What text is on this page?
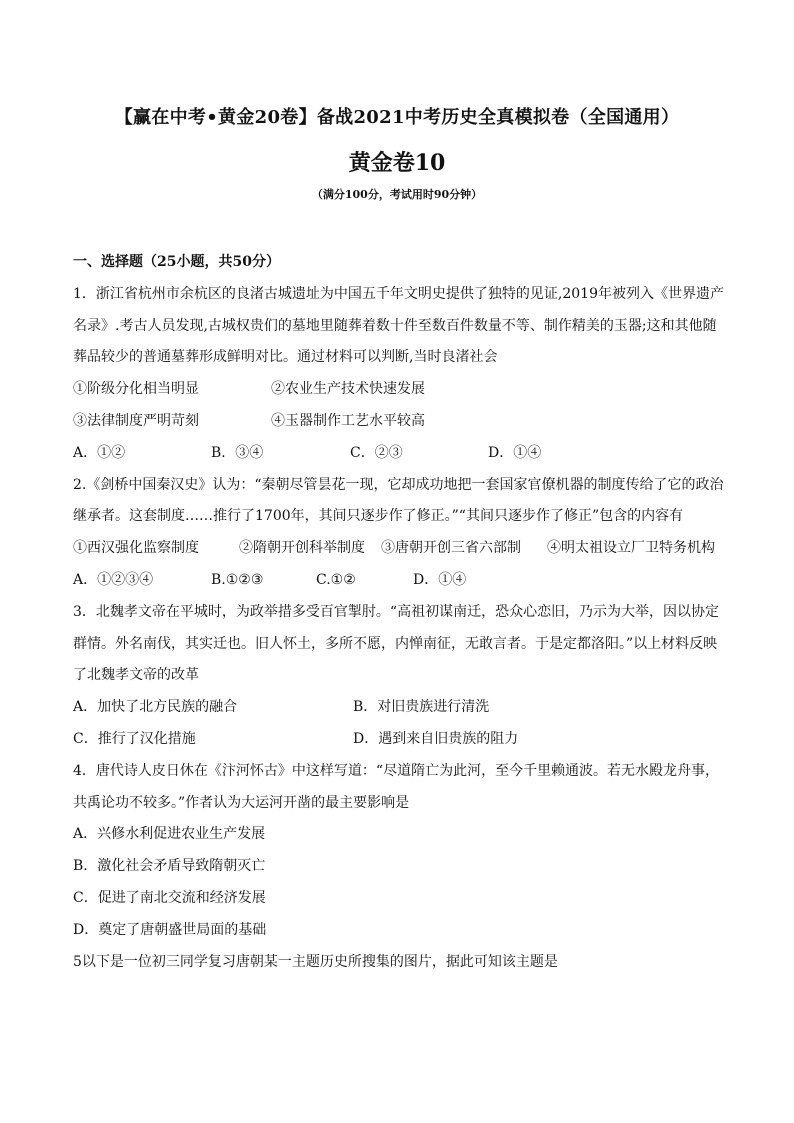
【赢在中考•黄金20卷】备战2021中考历史全真模拟卷（全国通用）
黄金卷10
（满分100分，考试用时90分钟）
一、选择题（25小题，共50分）
1．浙江省杭州市余杭区的良渚古城遗址为中国五千年文明史提供了独特的见证,2019年被列入《世界遗产
名录》.考古人员发现,古城权贵们的墓地里随葬着数十件至数百件数量不等、制作精美的玉器;这和其他随
葬品较少的普通墓葬形成鲜明对比。通过材料可以判断,当时良渚社会
①阶级分化相当明显	②农业生产技术快速发展
③法律制度严明苛刻	④玉器制作工艺水平较高
A．①②	B．③④	C．②③	D．①④
2.《剑桥中国秦汉史》认为：“秦朝尽管昙花一现，它却成功地把一套国家官僚机器的制度传给了它的政治
继承者。这套制度……推行了1700年，其间只逐步作了修正。”“其间只逐步作了修正”包含的内容有
①西汉强化监察制度	②隋朝开创科举制度	③唐朝开创三省六部制	④明太祖设立厂卫特务机构
A．①②③④	B.①②③	C.①②	D．①④
3．北魏孝文帝在平城时，为政举措多受百官掣肘。“高祖初谋南迁，恐众心恋旧，乃示为大举，因以协定
群情。外名南伐，其实迁也。旧人怀土，多所不愿，内惮南征，无敢言者。于是定都洛阳。”以上材料反映
了北魏孝文帝的改革
A．加快了北方民族的融合	B．对旧贵族进行清洗
C．推行了汉化措施	D．遇到来自旧贵族的阻力
4．唐代诗人皮日休在《汴河怀古》中这样写道：“尽道隋亡为此河，至今千里赖通波。若无水殿龙舟事，
共禹论功不较多。”作者认为大运河开凿的最主要影响是
A．兴修水利促进农业生产发展
B．激化社会矛盾导致隋朝灭亡
C．促进了南北交流和经济发展
D．奠定了唐朝盛世局面的基础
5以下是一位初三同学复习唐朝某一主题历史所搜集的图片，据此可知该主题是
